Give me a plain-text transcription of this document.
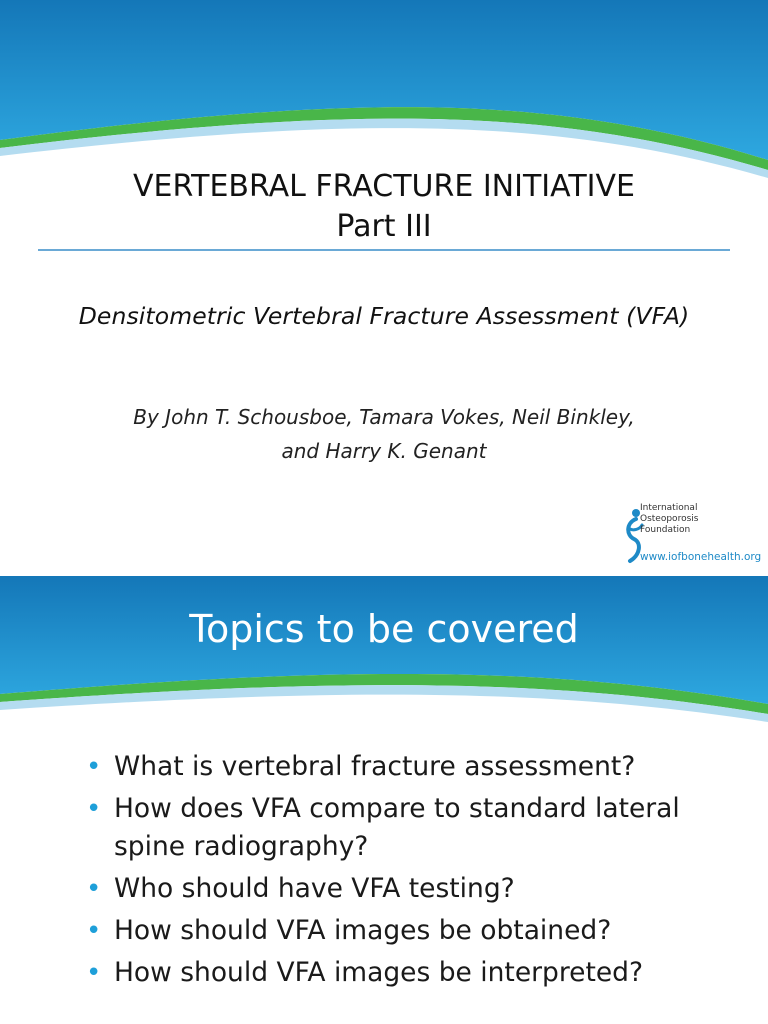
VERTEBRAL FRACTURE INITIATIVE
Part III
Densitometric Vertebral Fracture Assessment (VFA)
By John T. Schousboe, Tamara Vokes, Neil Binkley,
and Harry K. Genant
International
Osteoporosis
Foundation
www.iofbonehealth.org
Topics to be covered
• What is vertebral fracture assessment?
• How does VFA compare to standard lateral spine radiography?
• Who should have VFA testing?
• How should VFA images be obtained?
• How should VFA images be interpreted?
